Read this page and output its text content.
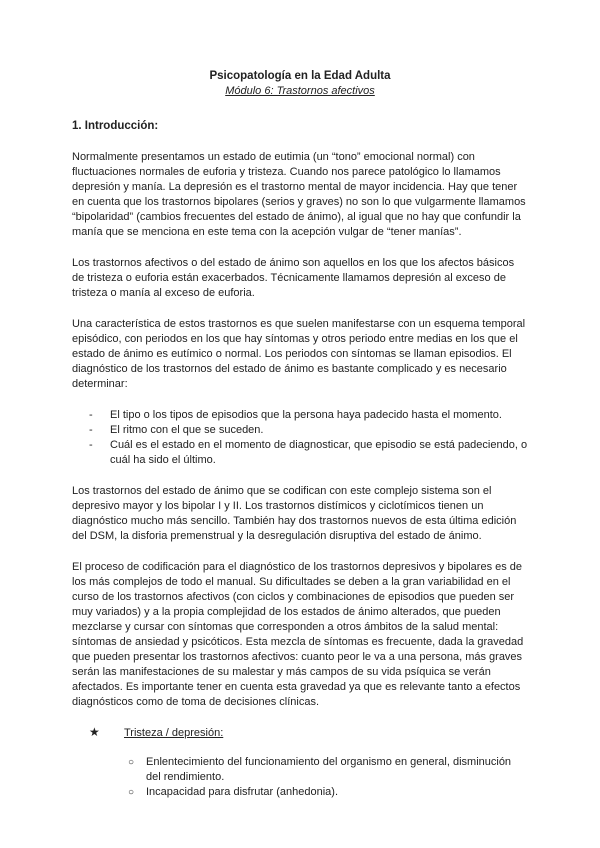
Psicopatología en la Edad Adulta
Módulo 6: Trastornos afectivos
1. Introducción:

Normalmente presentamos un estado de eutimia (un “tono” emocional normal) con fluctuaciones normales de euforia y tristeza. Cuando nos parece patológico lo llamamos depresión y manía. La depresión es el trastorno mental de mayor incidencia. Hay que tener en cuenta que los trastornos bipolares (serios y graves) no son lo que vulgarmente llamamos “bipolaridad” (cambios frecuentes del estado de ánimo), al igual que no hay que confundir la manía que se menciona en este tema con la acepción vulgar de “tener manías”.

Los trastornos afectivos o del estado de ánimo son aquellos en los que los afectos básicos de tristeza o euforia están exacerbados. Técnicamente llamamos depresión al exceso de tristeza o manía al exceso de euforia.

Una característica de estos trastornos es que suelen manifestarse con un esquema temporal episódico, con periodos en los que hay síntomas y otros periodo entre medias en los que el estado de ánimo es eutímico o normal. Los periodos con síntomas se llaman episodios. El diagnóstico de los trastornos del estado de ánimo es bastante complicado y es necesario determinar:

- El tipo o los tipos de episodios que la persona haya padecido hasta el momento.
- El ritmo con el que se suceden.
- Cuál es el estado en el momento de diagnosticar, que episodio se está padeciendo, o cuál ha sido el último.

Los trastornos del estado de ánimo que se codifican con este complejo sistema son el depresivo mayor y los bipolar I y II. Los trastornos distímicos y ciclotímicos tienen un diagnóstico mucho más sencillo. También hay dos trastornos nuevos de esta última edición del DSM, la disforia premenstrual y la desregulación disruptiva del estado de ánimo.

El proceso de codificación para el diagnóstico de los trastornos depresivos y bipolares es de los más complejos de todo el manual. Su dificultades se deben a la gran variabilidad en el curso de los trastornos afectivos (con ciclos y combinaciones de episodios que pueden ser muy variados) y a la propia complejidad de los estados de ánimo alterados, que pueden mezclarse y cursar con síntomas que corresponden a otros ámbitos de la salud mental: síntomas de ansiedad y psicóticos. Esta mezcla de síntomas es frecuente, dada la gravedad que pueden presentar los trastornos afectivos: cuanto peor le va a una persona, más graves serán las manifestaciones de su malestar y más campos de su vida psíquica se verán afectados. Es importante tener en cuenta esta gravedad ya que es relevante tanto a efectos diagnósticos como de toma de decisiones clínicas.

★ Tristeza / depresión:
○ Enlentecimiento del funcionamiento del organismo en general, disminución del rendimiento.
○ Incapacidad para disfrutar (anhedonia).
